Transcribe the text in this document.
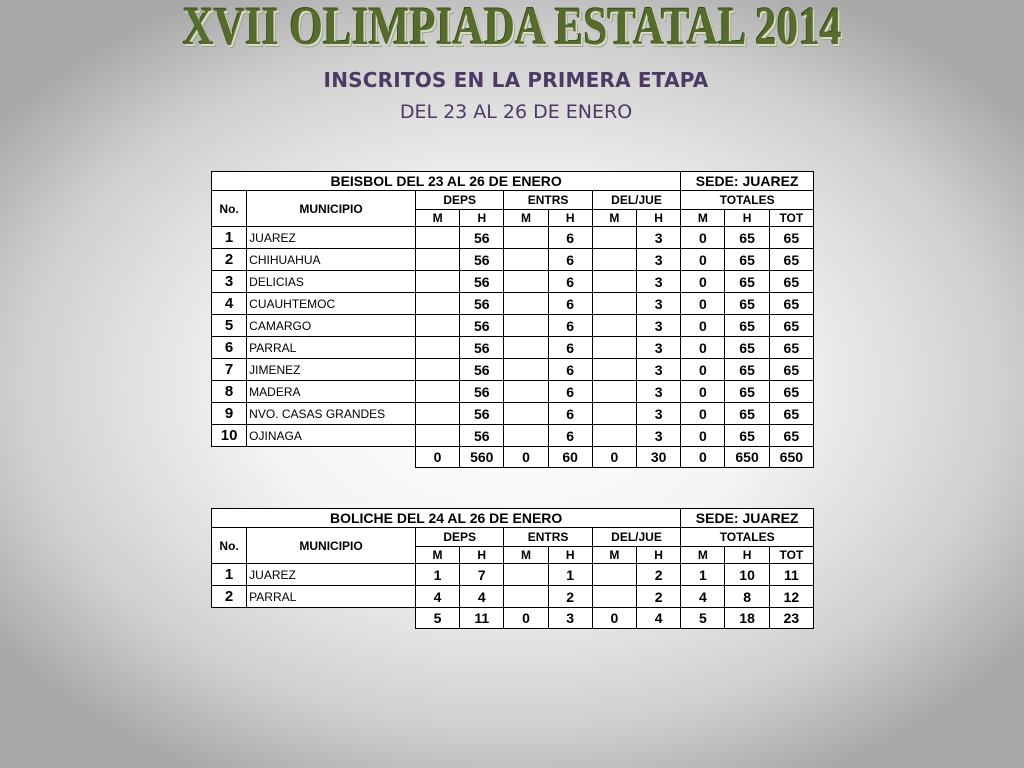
XVII OLIMPIADA ESTATAL 2014
INSCRITOS EN LA PRIMERA ETAPA
DEL 23 AL 26 DE ENERO
BEISBOL DEL 23 AL 26 DE ENERO								SEDE: JUAREZ		
No.	MUNICIPIO	DEPS		ENTRS		DEL/JUE		TOTALES		
		M	H	M	H	M	H	M	H	TOT
1	JUAREZ		56		6		3	0	65	65
2	CHIHUAHUA		56		6		3	0	65	65
3	DELICIAS		56		6		3	0	65	65
4	CUAUHTEMOC		56		6		3	0	65	65
5	CAMARGO		56		6		3	0	65	65
6	PARRAL		56		6		3	0	65	65
7	JIMENEZ		56		6		3	0	65	65
8	MADERA		56		6		3	0	65	65
9	NVO. CASAS GRANDES		56		6		3	0	65	65
10	OJINAGA		56		6		3	0	65	65
		0	560	0	60	0	30	0	650	650
BOLICHE DEL 24 AL 26 DE ENERO								SEDE: JUAREZ		
No.	MUNICIPIO	DEPS		ENTRS		DEL/JUE		TOTALES		
		M	H	M	H	M	H	M	H	TOT
1	JUAREZ	1	7		1		2	1	10	11
2	PARRAL	4	4		2		2	4	8	12
		5	11	0	3	0	4	5	18	23
